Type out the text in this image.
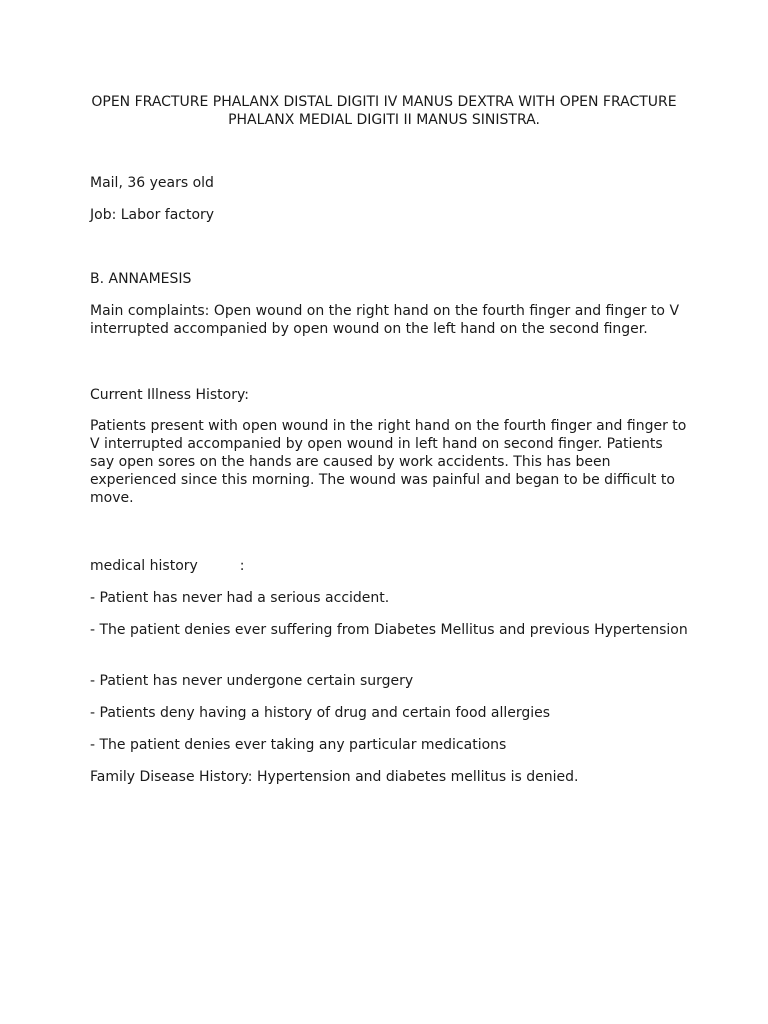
OPEN FRACTURE PHALANX DISTAL DIGITI IV MANUS DEXTRA WITH OPEN FRACTURE
PHALANX MEDIAL DIGITI II MANUS SINISTRA.

Mail, 36 years old

Job: Labor factory

B. ANNAMESIS

Main complaints: Open wound on the right hand on the fourth finger and finger to V interrupted accompanied by open wound on the left hand on the second finger.

Current Illness History:

Patients present with open wound in the right hand on the fourth finger and finger to V interrupted accompanied by open wound in left hand on second finger. Patients say open sores on the hands are caused by work accidents. This has been experienced since this morning. The wound was painful and began to be difficult to move.

medical history	:

- Patient has never had a serious accident.

- The patient denies ever suffering from Diabetes Mellitus and previous Hypertension

- Patient has never undergone certain surgery

- Patients deny having a history of drug and certain food allergies

- The patient denies ever taking any particular medications

Family Disease History: Hypertension and diabetes mellitus is denied.
